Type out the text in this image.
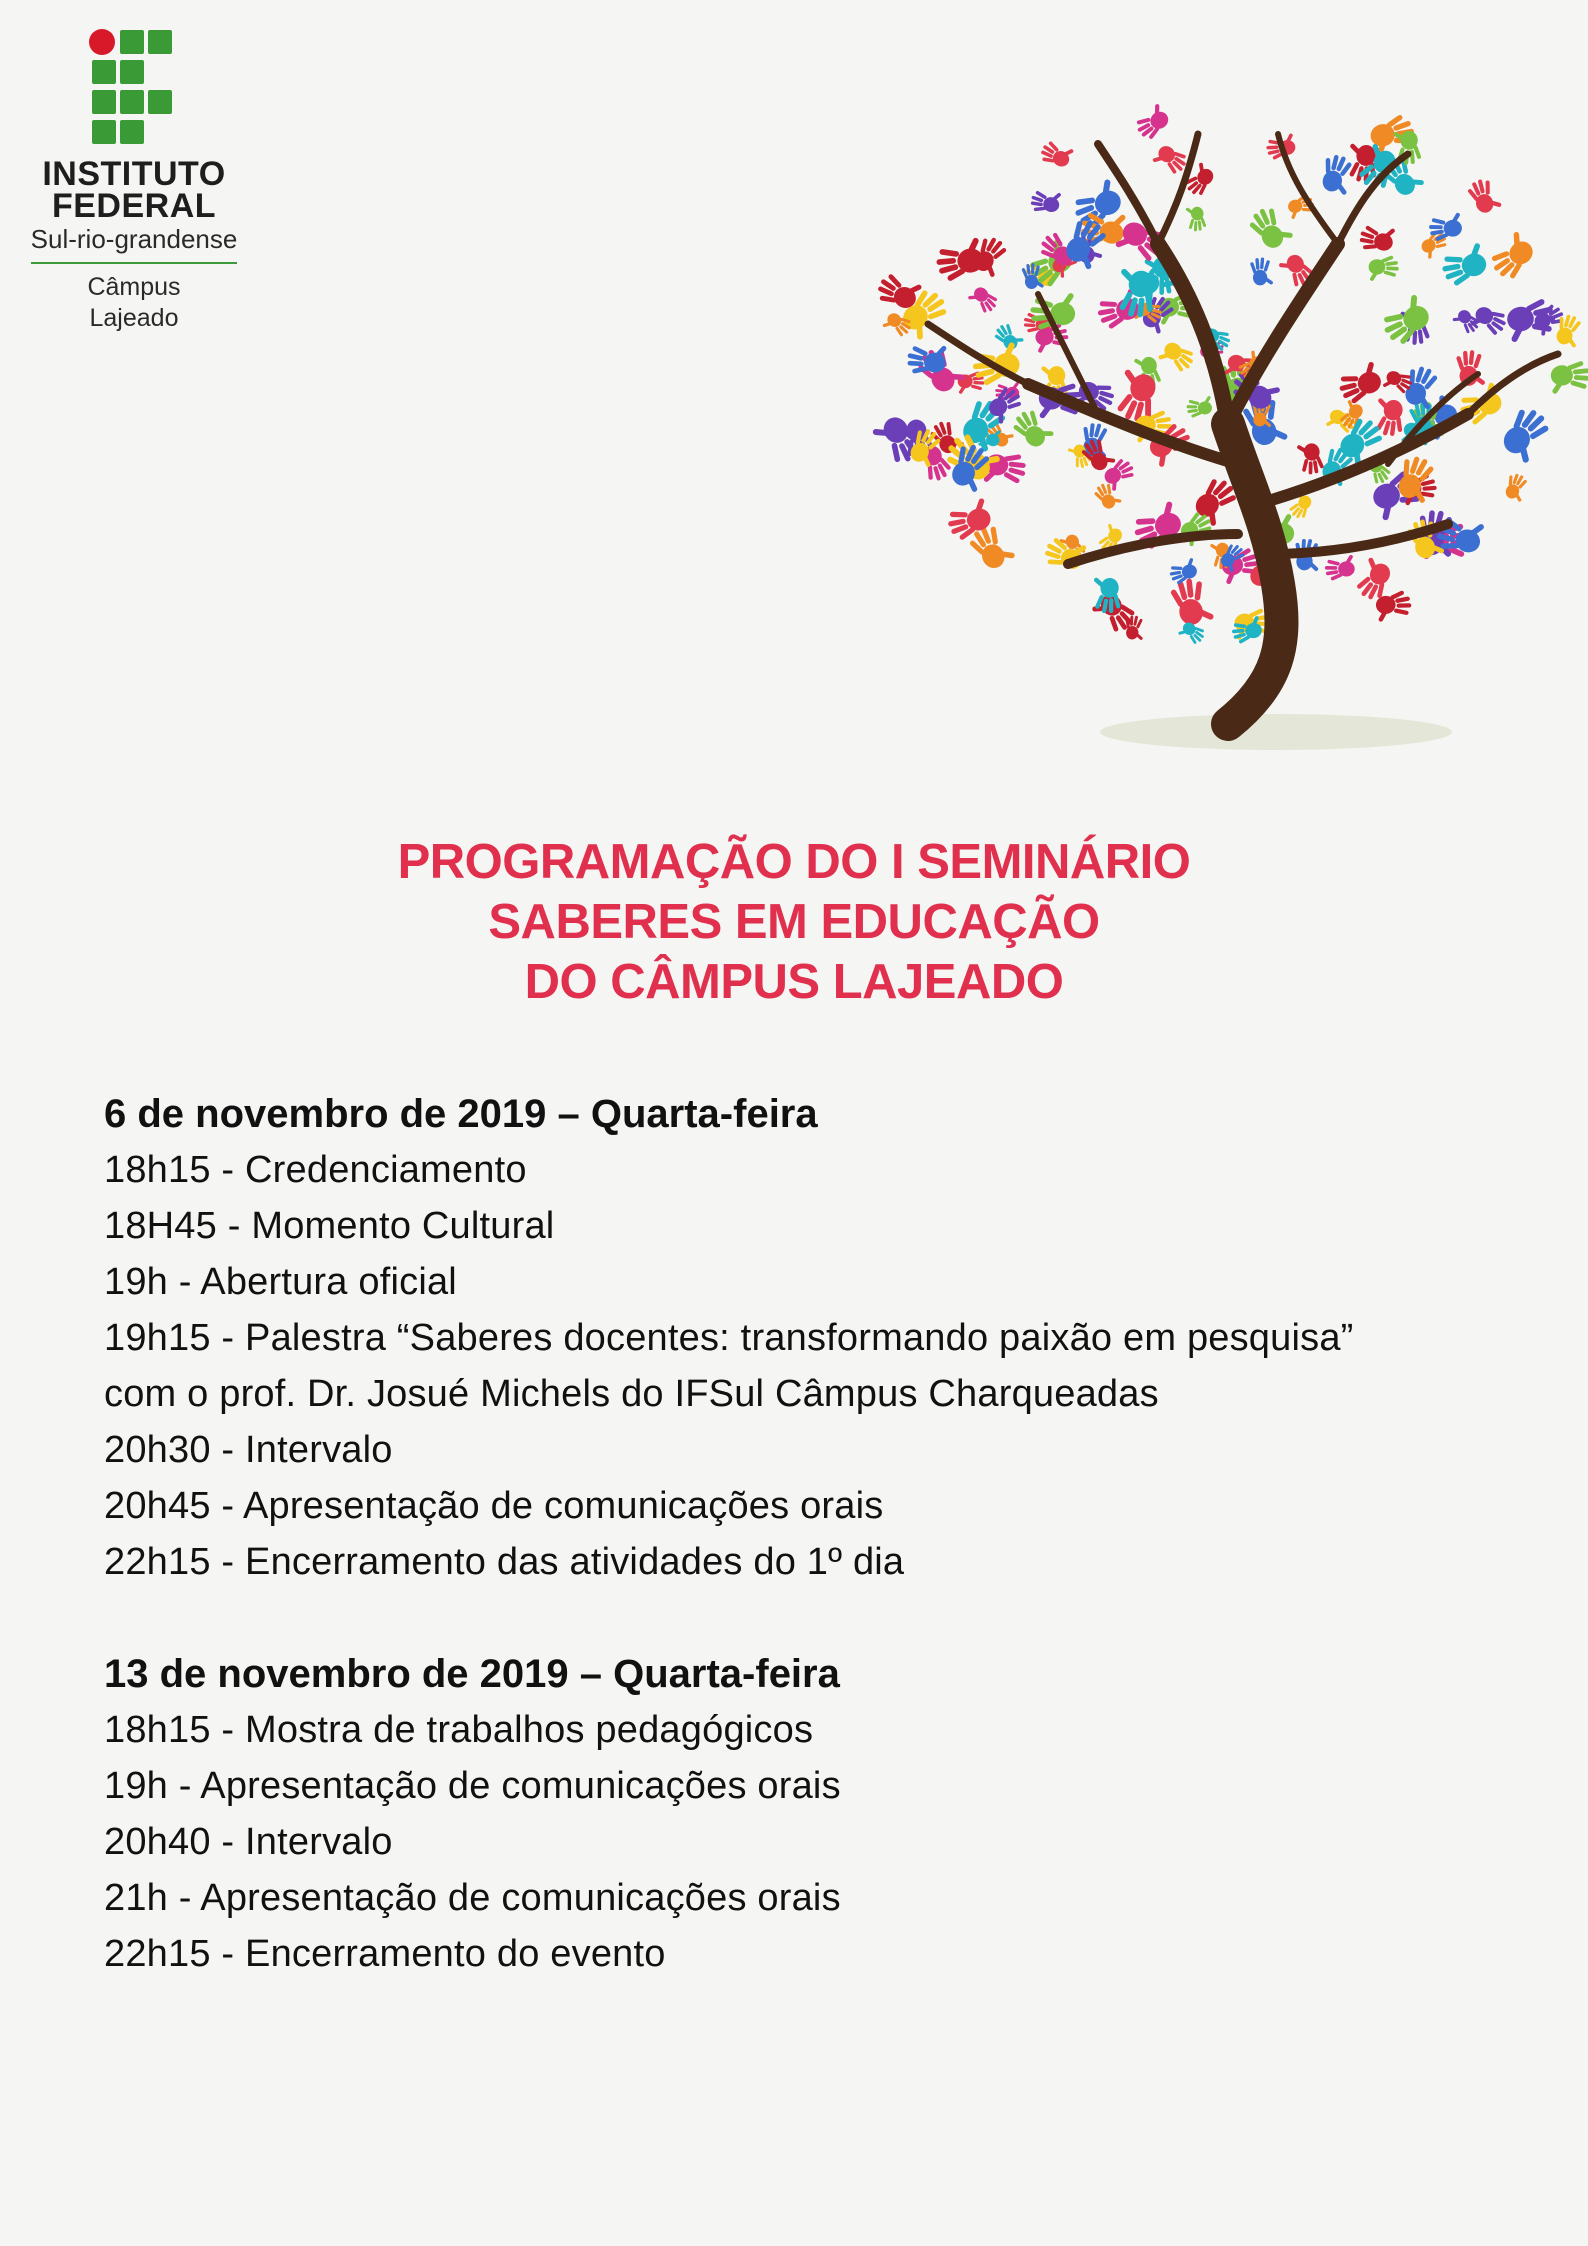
INSTITUTO
FEDERAL
Sul-rio-grandense
Câmpus
Lajeado
PROGRAMAÇÃO DO I SEMINÁRIO
SABERES EM EDUCAÇÃO
DO CÂMPUS LAJEADO
6 de novembro de 2019 – Quarta-feira
18h15 - Credenciamento
18H45 - Momento Cultural
19h - Abertura oficial
19h15 - Palestra “Saberes docentes: transformando paixão em pesquisa”
com o prof. Dr. Josué Michels do IFSul Câmpus Charqueadas
20h30 - Intervalo
20h45 - Apresentação de comunicações orais
22h15 - Encerramento das atividades do 1º dia
13 de novembro de 2019 – Quarta-feira
18h15 - Mostra de trabalhos pedagógicos
19h - Apresentação de comunicações orais
20h40 - Intervalo
21h - Apresentação de comunicações orais
22h15 - Encerramento do evento
